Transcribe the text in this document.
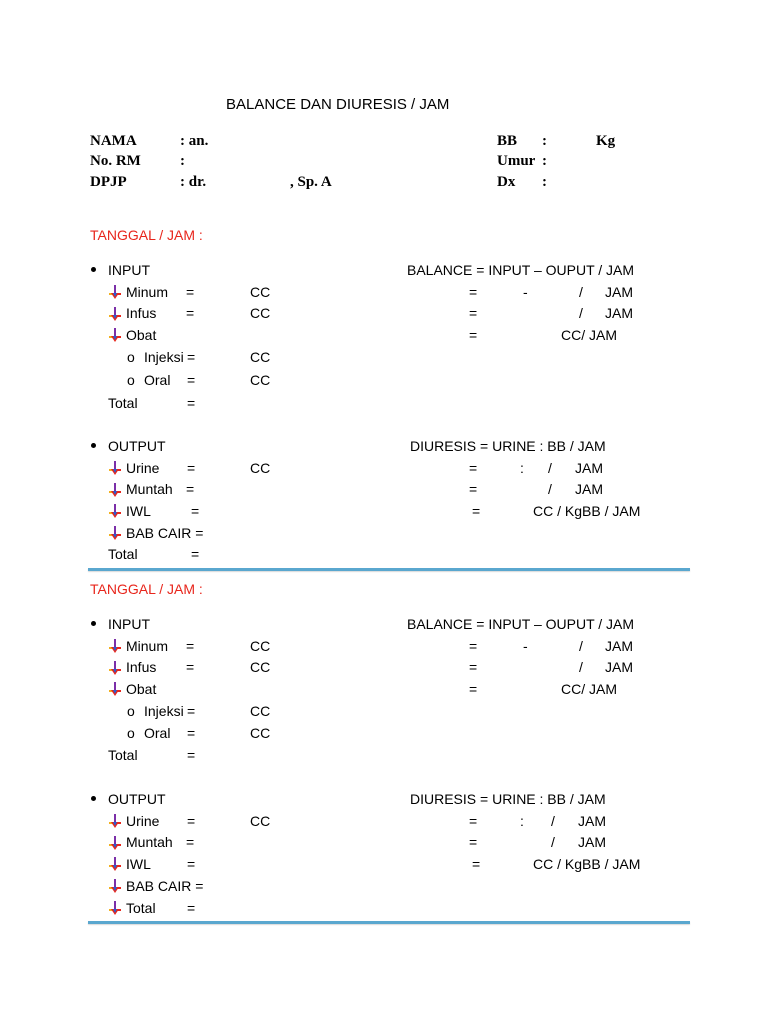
BALANCE DAN DIURESIS / JAM
NAMA	: an.
No. RM	:
DPJP	: dr.	, Sp. A
BB :	Kg
Umur :
Dx :
TANGGAL / JAM :
INPUT	BALANCE = INPUT – OUPUT / JAM
Minum =	CC	=	-	/ JAM
Infus =	CC	=	/ JAM
Obat	=	CC/ JAM
o Injeksi =	CC
o Oral =	CC
Total	=
OUTPUT	DIURESIS = URINE : BB / JAM
Urine =	CC	=	: / JAM
Muntah =	=	/ JAM
IWL	=	=	CC / KgBB / JAM
BAB CAIR =
Total	=
TANGGAL / JAM :
INPUT	BALANCE = INPUT – OUPUT / JAM
Minum =	CC	=	-	/ JAM
Infus =	CC	=	/ JAM
Obat	=	CC/ JAM
o Injeksi =	CC
o Oral =	CC
Total	=
OUTPUT	DIURESIS = URINE : BB / JAM
Urine =	CC	=	: / JAM
Muntah =	=	/ JAM
IWL	=	=	CC / KgBB / JAM
BAB CAIR =
Total =
